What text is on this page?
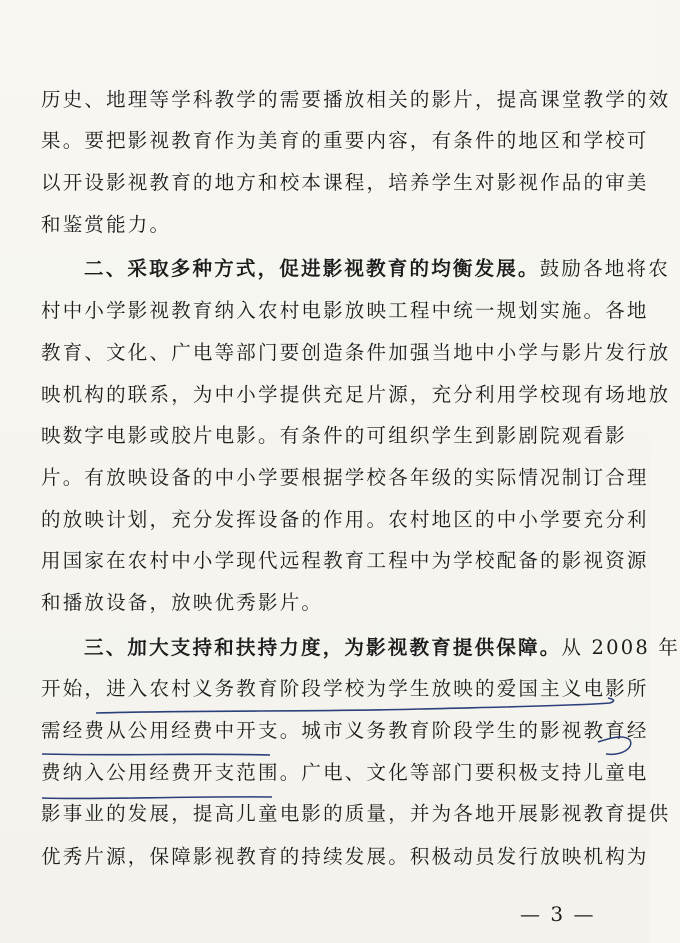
历史、地理等学科教学的需要播放相关的影片，提高课堂教学的效
果。要把影视教育作为美育的重要内容，有条件的地区和学校可
以开设影视教育的地方和校本课程，培养学生对影视作品的审美
和鉴赏能力。
二、采取多种方式，促进影视教育的均衡发展。鼓励各地将农
村中小学影视教育纳入农村电影放映工程中统一规划实施。各地
教育、文化、广电等部门要创造条件加强当地中小学与影片发行放
映机构的联系，为中小学提供充足片源，充分利用学校现有场地放
映数字电影或胶片电影。有条件的可组织学生到影剧院观看影
片。有放映设备的中小学要根据学校各年级的实际情况制订合理
的放映计划，充分发挥设备的作用。农村地区的中小学要充分利
用国家在农村中小学现代远程教育工程中为学校配备的影视资源
和播放设备，放映优秀影片。
三、加大支持和扶持力度，为影视教育提供保障。从 2008 年
开始，进入农村义务教育阶段学校为学生放映的爱国主义电影所
需经费从公用经费中开支。城市义务教育阶段学生的影视教育经
费纳入公用经费开支范围。广电、文化等部门要积极支持儿童电
影事业的发展，提高儿童电影的质量，并为各地开展影视教育提供
优秀片源，保障影视教育的持续发展。积极动员发行放映机构为
— 3 —
